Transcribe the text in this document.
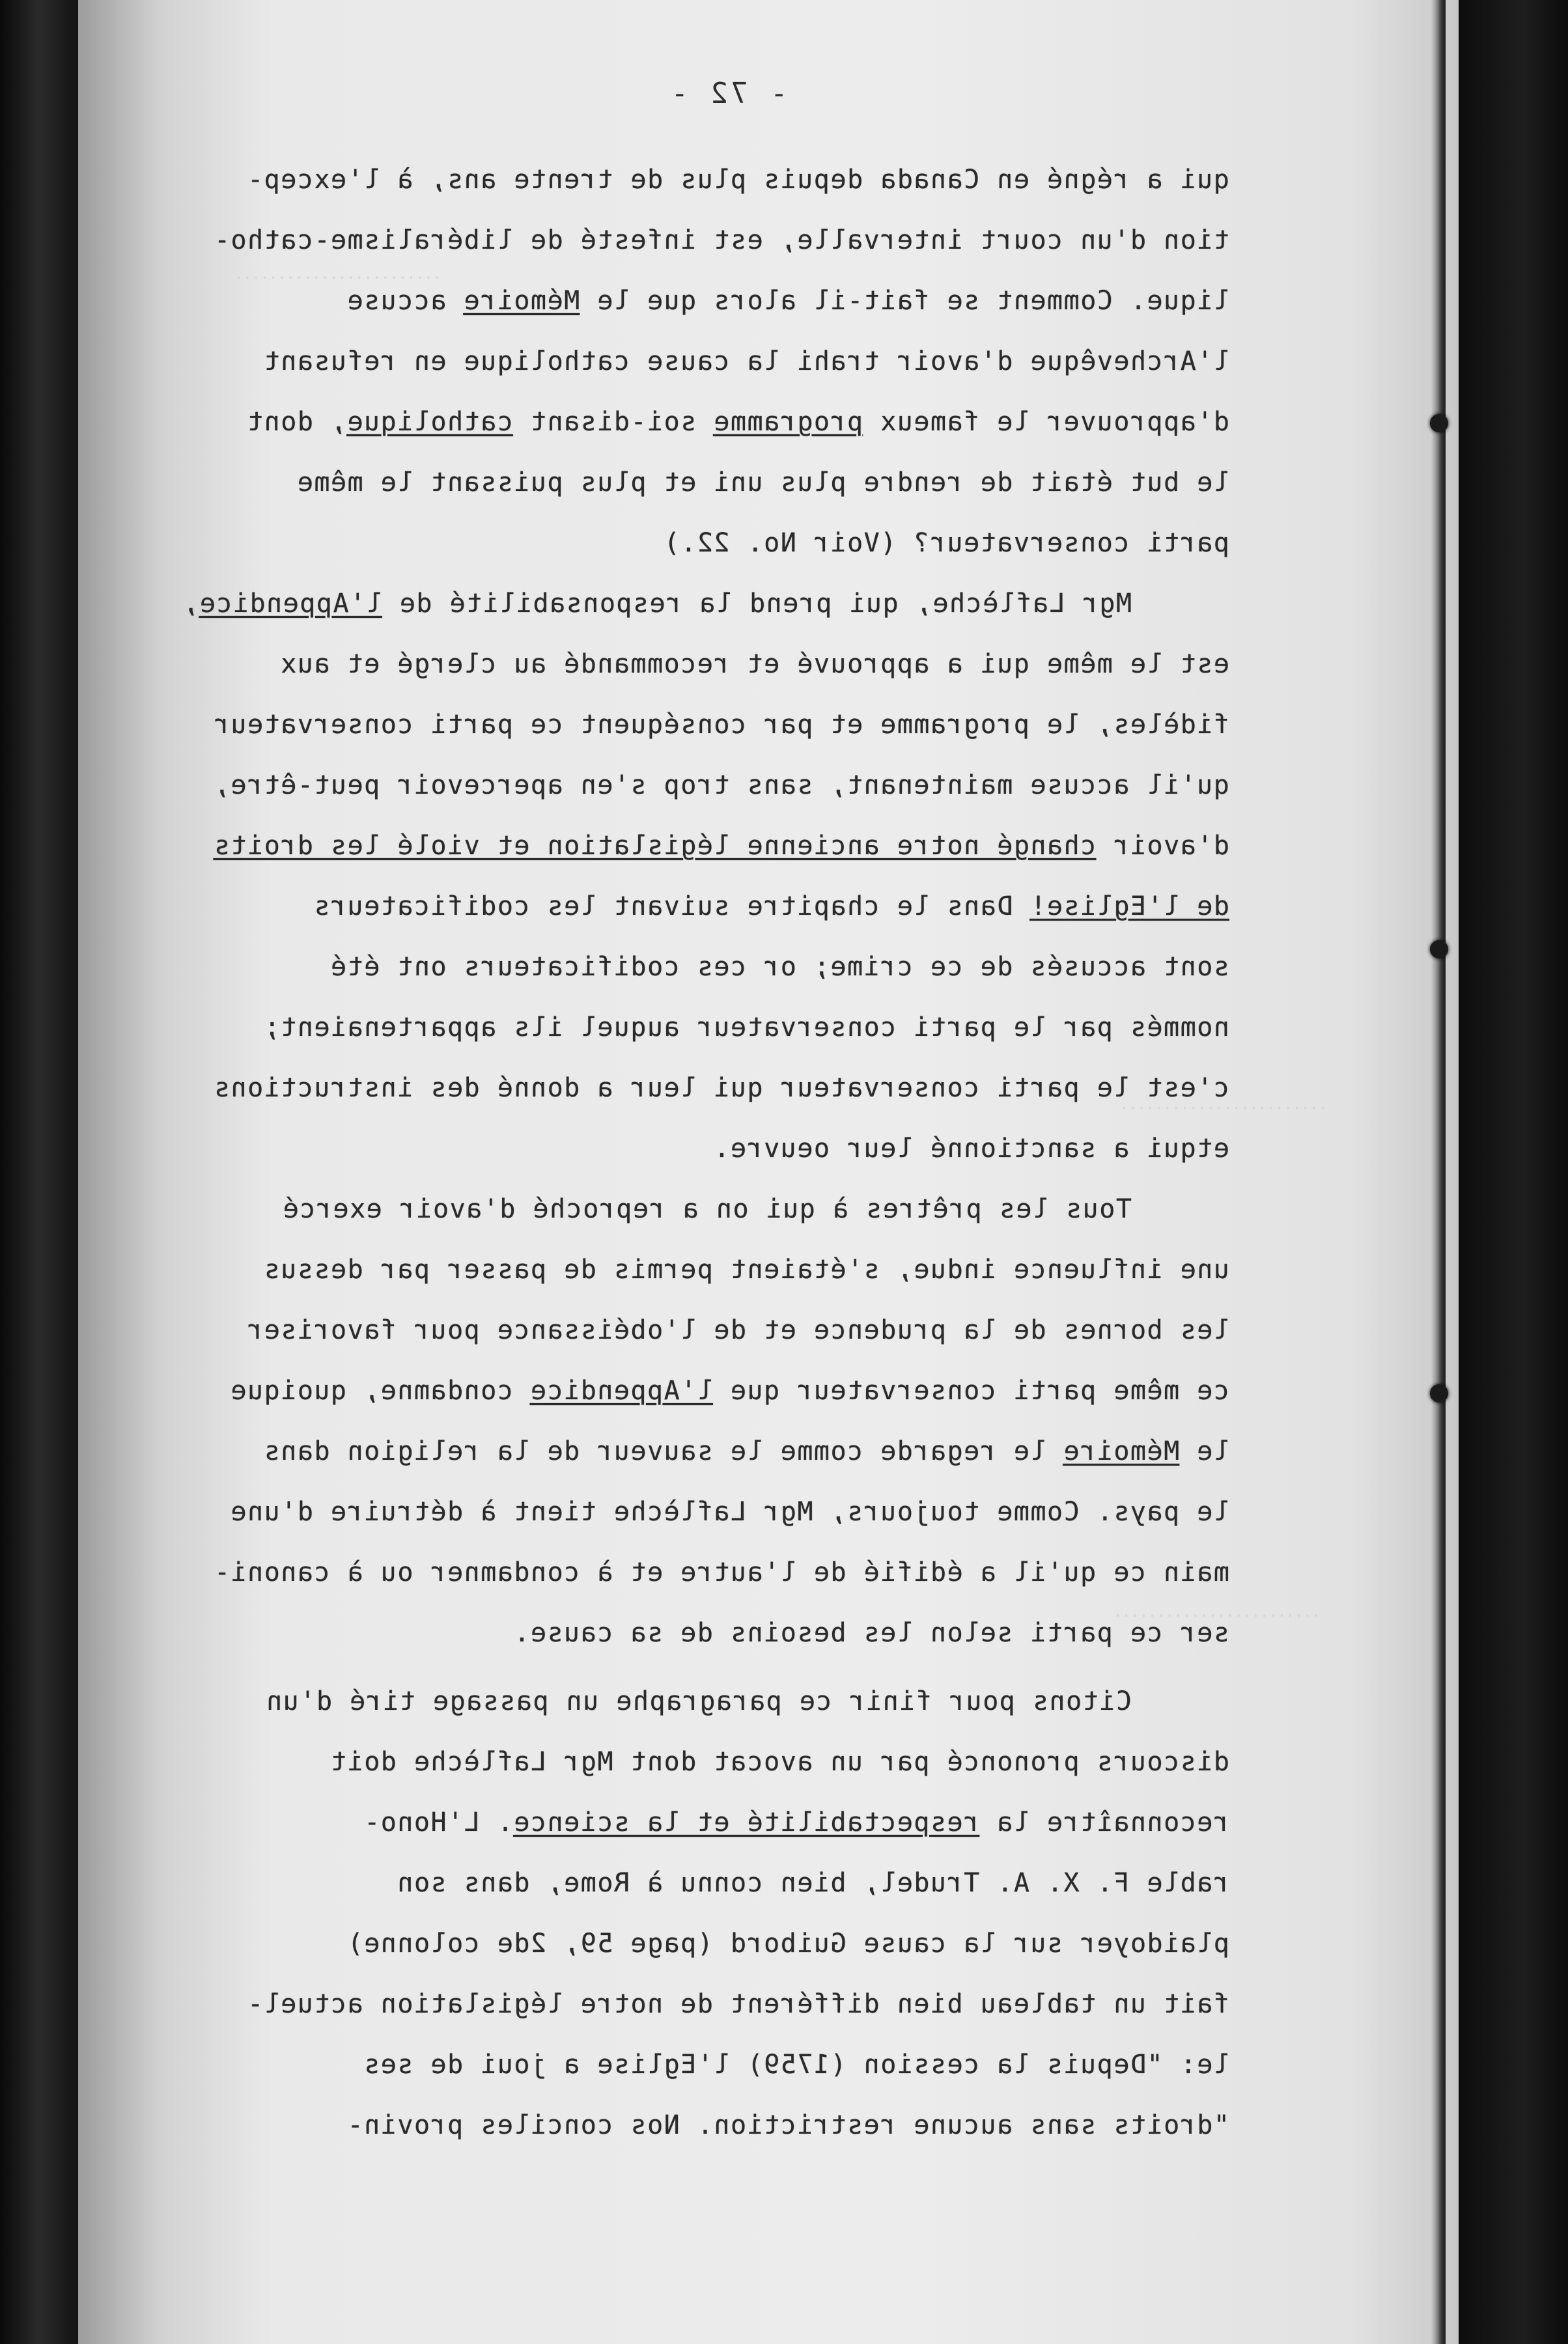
························
························
························
- 72 -
qui a régné en Canada depuis plus de trente ans, à l'excep-
tion d'un court intervalle, est infesté de libéralisme-catho-
lique. Comment se fait-il alors que le Mémoire accuse
l'Archevêque d'avoir trahi la cause catholique en refusant
d'approuver le fameux programme soi-disant catholique, dont
le but était de rendre plus uni et plus puissant le même
parti conservateur? (Voir No. 22.)
Mgr Laflèche, qui prend la responsabilité de l'Appendice,
est le même qui a approuvé et recommandé au clergé et aux
fidèles, le programme et par conséquent ce parti conservateur
qu'il accuse maintenant, sans trop s'en apercevoir peut-être,
d'avoir changé notre ancienne législation et violé les droits
de l'Eglise! Dans le chapitre suivant les codificateurs
sont accusés de ce crime; or ces codificateurs ont été
nommés par le parti conservateur auquel ils appartenaient;
c'est le parti conservateur qui leur a donné des instructions
etqui a sanctionné leur oeuvre.
Tous les prêtres à qui on a reproché d'avoir exercé
une influence indue, s'étaient permis de passer par dessus
les bornes de la prudence et de l'obéissance pour favoriser
ce même parti conservateur que l'Appendice condamne, quoique
le Mémoire le regarde comme le sauveur de la religion dans
le pays. Comme toujours, Mgr Laflèche tient à détruire d'une
main ce qu'il a édifié de l'autre et à condamner ou à canoni-
ser ce parti selon les besoins de sa cause.
Citons pour finir ce paragraphe un passage tiré d'un
discours prononcé par un avocat dont Mgr Laflèche doit
reconnaître la respectabilité et la science. L'Hono-
rable F. X. A. Trudel, bien connu à Rome, dans son
plaidoyer sur la cause Guibord (page 59, 2de colonne)
fait un tableau bien différent de notre législation actuel-
le: "Depuis la cession (1759) l'Eglise a joui de ses
"droits sans aucune restriction. Nos conciles provin-
